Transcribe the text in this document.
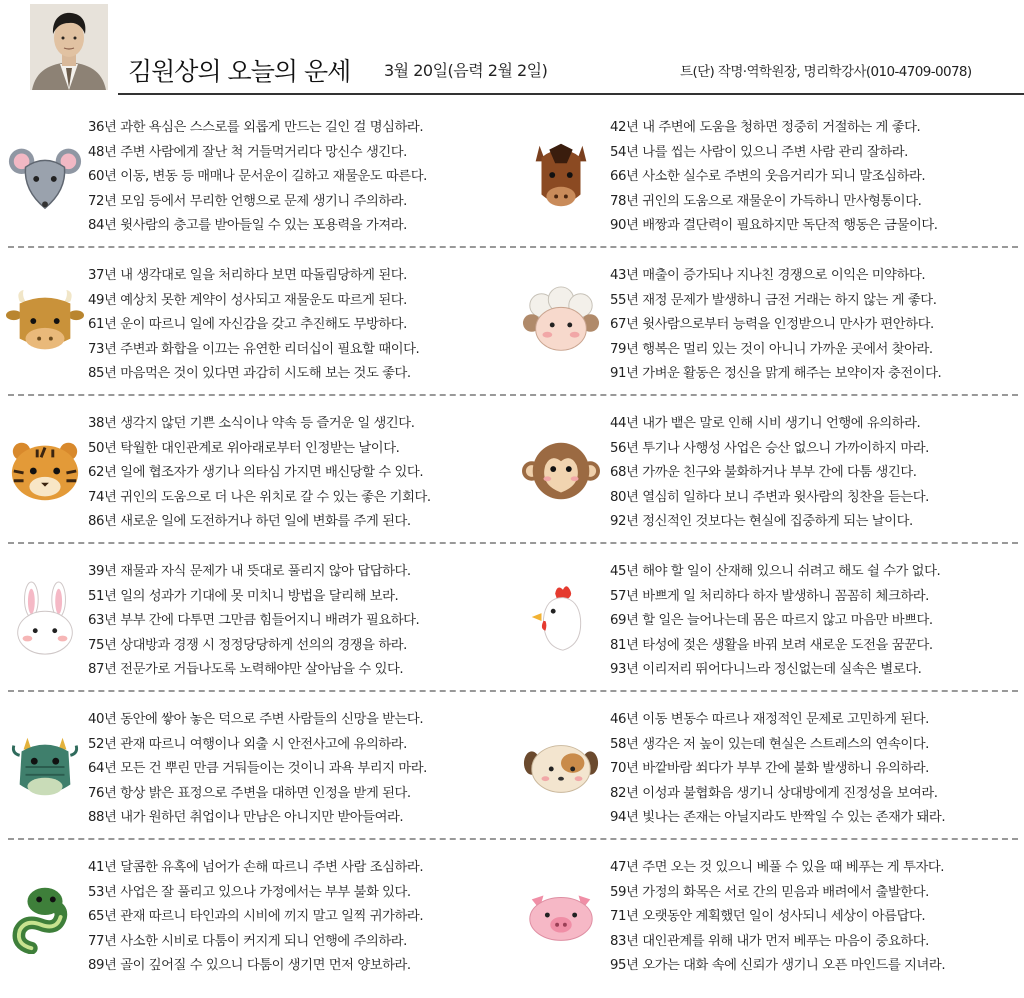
김원상의 오늘의 운세 3월 20일(음력 2월 2일)	트(단) 작명·역학원장, 명리학강사(010-4709-0078)
36년 과한 욕심은 스스로를 외롭게 만드는 길인 걸 명심하라.
48년 주변 사람에게 잘난 척 거들먹거리다 망신수 생긴다.
60년 이동, 변동 등 매매나 문서운이 길하고 재물운도 따른다.
72년 모임 등에서 무리한 언행으로 문제 생기니 주의하라.
84년 윗사람의 충고를 받아들일 수 있는 포용력을 가져라.
42년 내 주변에 도움을 청하면 정중히 거절하는 게 좋다.
54년 나를 씹는 사람이 있으니 주변 사람 관리 잘하라.
66년 사소한 실수로 주변의 웃음거리가 되니 말조심하라.
78년 귀인의 도움으로 재물운이 가득하니 만사형통이다.
90년 배짱과 결단력이 필요하지만 독단적 행동은 금물이다.
37년 내 생각대로 일을 처리하다 보면 따돌림당하게 된다.
49년 예상치 못한 계약이 성사되고 재물운도 따르게 된다.
61년 운이 따르니 일에 자신감을 갖고 추진해도 무방하다.
73년 주변과 화합을 이끄는 유연한 리더십이 필요할 때이다.
85년 마음먹은 것이 있다면 과감히 시도해 보는 것도 좋다.
43년 매출이 증가되나 지나친 경쟁으로 이익은 미약하다.
55년 재정 문제가 발생하니 금전 거래는 하지 않는 게 좋다.
67년 윗사람으로부터 능력을 인정받으니 만사가 편안하다.
79년 행복은 멀리 있는 것이 아니니 가까운 곳에서 찾아라.
91년 가벼운 활동은 정신을 맑게 해주는 보약이자 충전이다.
38년 생각지 않던 기쁜 소식이나 약속 등 즐거운 일 생긴다.
50년 탁월한 대인관계로 위아래로부터 인정받는 날이다.
62년 일에 협조자가 생기나 의타심 가지면 배신당할 수 있다.
74년 귀인의 도움으로 더 나은 위치로 갈 수 있는 좋은 기회다.
86년 새로운 일에 도전하거나 하던 일에 변화를 주게 된다.
44년 내가 뱉은 말로 인해 시비 생기니 언행에 유의하라.
56년 투기나 사행성 사업은 승산 없으니 가까이하지 마라.
68년 가까운 친구와 불화하거나 부부 간에 다툼 생긴다.
80년 열심히 일하다 보니 주변과 윗사람의 칭찬을 듣는다.
92년 정신적인 것보다는 현실에 집중하게 되는 날이다.
39년 재물과 자식 문제가 내 뜻대로 풀리지 않아 답답하다.
51년 일의 성과가 기대에 못 미치니 방법을 달리해 보라.
63년 부부 간에 다투면 그만큼 힘들어지니 배려가 필요하다.
75년 상대방과 경쟁 시 정정당당하게 선의의 경쟁을 하라.
87년 전문가로 거듭나도록 노력해야만 살아남을 수 있다.
45년 해야 할 일이 산재해 있으니 쉬려고 해도 쉴 수가 없다.
57년 바쁘게 일 처리하다 하자 발생하니 꼼꼼히 체크하라.
69년 할 일은 늘어나는데 몸은 따르지 않고 마음만 바쁘다.
81년 타성에 젖은 생활을 바꿔 보려 새로운 도전을 꿈꾼다.
93년 이리저리 뛰어다니느라 정신없는데 실속은 별로다.
40년 동안에 쌓아 놓은 덕으로 주변 사람들의 신망을 받는다.
52년 관재 따르니 여행이나 외출 시 안전사고에 유의하라.
64년 모든 건 뿌린 만큼 거둬들이는 것이니 과욕 부리지 마라.
76년 항상 밝은 표정으로 주변을 대하면 인정을 받게 된다.
88년 내가 원하던 취업이나 만남은 아니지만 받아들여라.
46년 이동 변동수 따르나 재정적인 문제로 고민하게 된다.
58년 생각은 저 높이 있는데 현실은 스트레스의 연속이다.
70년 바깥바람 쐬다가 부부 간에 불화 발생하니 유의하라.
82년 이성과 불협화음 생기니 상대방에게 진정성을 보여라.
94년 빛나는 존재는 아닐지라도 반짝일 수 있는 존재가 돼라.
41년 달콤한 유혹에 넘어가 손해 따르니 주변 사람 조심하라.
53년 사업은 잘 풀리고 있으나 가정에서는 부부 불화 있다.
65년 관재 따르니 타인과의 시비에 끼지 말고 일찍 귀가하라.
77년 사소한 시비로 다툼이 커지게 되니 언행에 주의하라.
89년 골이 깊어질 수 있으니 다툼이 생기면 먼저 양보하라.
47년 주면 오는 것 있으니 베풀 수 있을 때 베푸는 게 투자다.
59년 가정의 화목은 서로 간의 믿음과 배려에서 출발한다.
71년 오랫동안 계획했던 일이 성사되니 세상이 아름답다.
83년 대인관계를 위해 내가 먼저 베푸는 마음이 중요하다.
95년 오가는 대화 속에 신뢰가 생기니 오픈 마인드를 지녀라.
